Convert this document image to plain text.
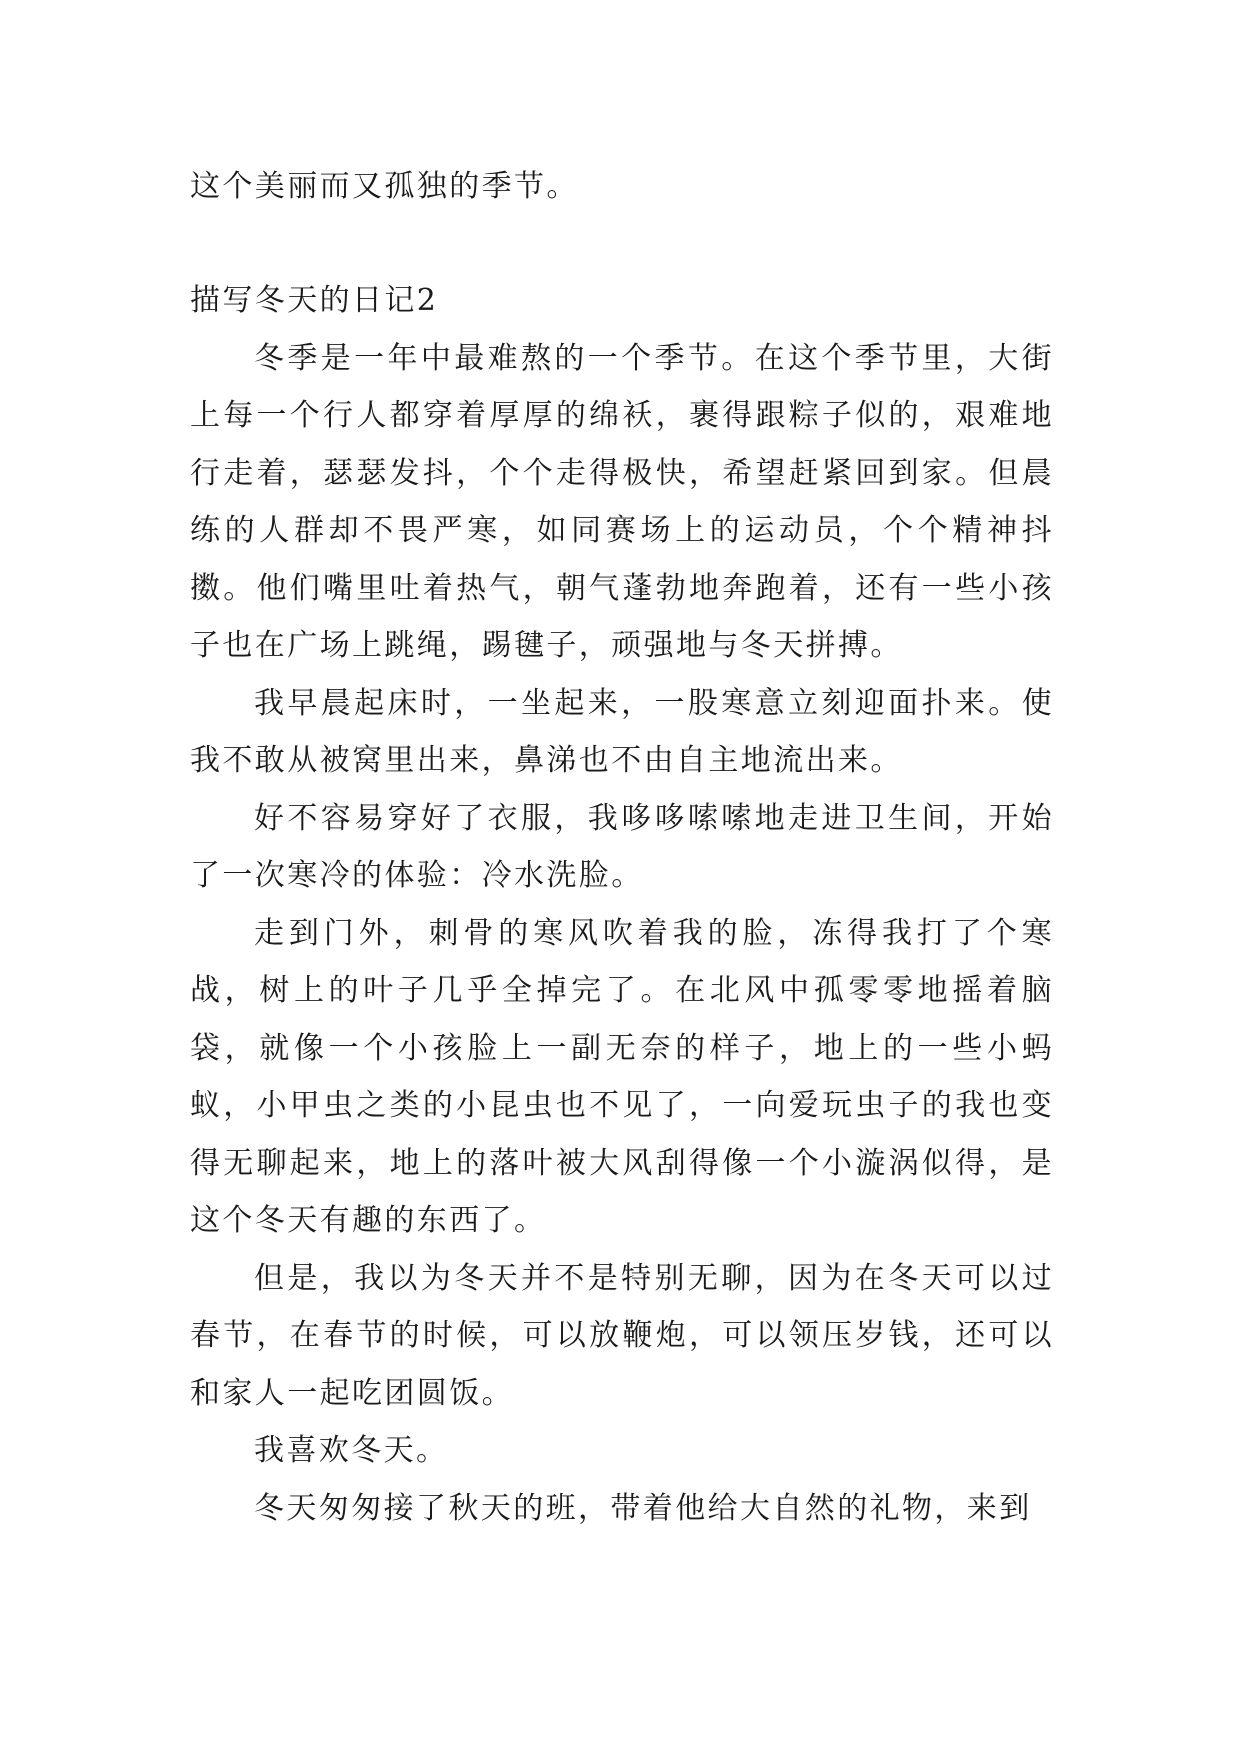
这个美丽而又孤独的季节。

描写冬天的日记2

冬季是一年中最难熬的一个季节。在这个季节里，大街上每一个行人都穿着厚厚的绵袄，裹得跟粽子似的，艰难地行走着，瑟瑟发抖，个个走得极快，希望赶紧回到家。但晨练的人群却不畏严寒，如同赛场上的运动员，个个精神抖擞。他们嘴里吐着热气，朝气蓬勃地奔跑着，还有一些小孩子也在广场上跳绳，踢毽子，顽强地与冬天拼搏。

我早晨起床时，一坐起来，一股寒意立刻迎面扑来。使我不敢从被窝里出来，鼻涕也不由自主地流出来。

好不容易穿好了衣服，我哆哆嗦嗦地走进卫生间，开始了一次寒冷的体验：冷水洗脸。

走到门外，刺骨的寒风吹着我的脸，冻得我打了个寒战，树上的叶子几乎全掉完了。在北风中孤零零地摇着脑袋，就像一个小孩脸上一副无奈的样子，地上的一些小蚂蚁，小甲虫之类的小昆虫也不见了，一向爱玩虫子的我也变得无聊起来，地上的落叶被大风刮得像一个小漩涡似得，是这个冬天有趣的东西了。

但是，我以为冬天并不是特别无聊，因为在冬天可以过春节，在春节的时候，可以放鞭炮，可以领压岁钱，还可以和家人一起吃团圆饭。

我喜欢冬天。

冬天匆匆接了秋天的班，带着他给大自然的礼物，来到
